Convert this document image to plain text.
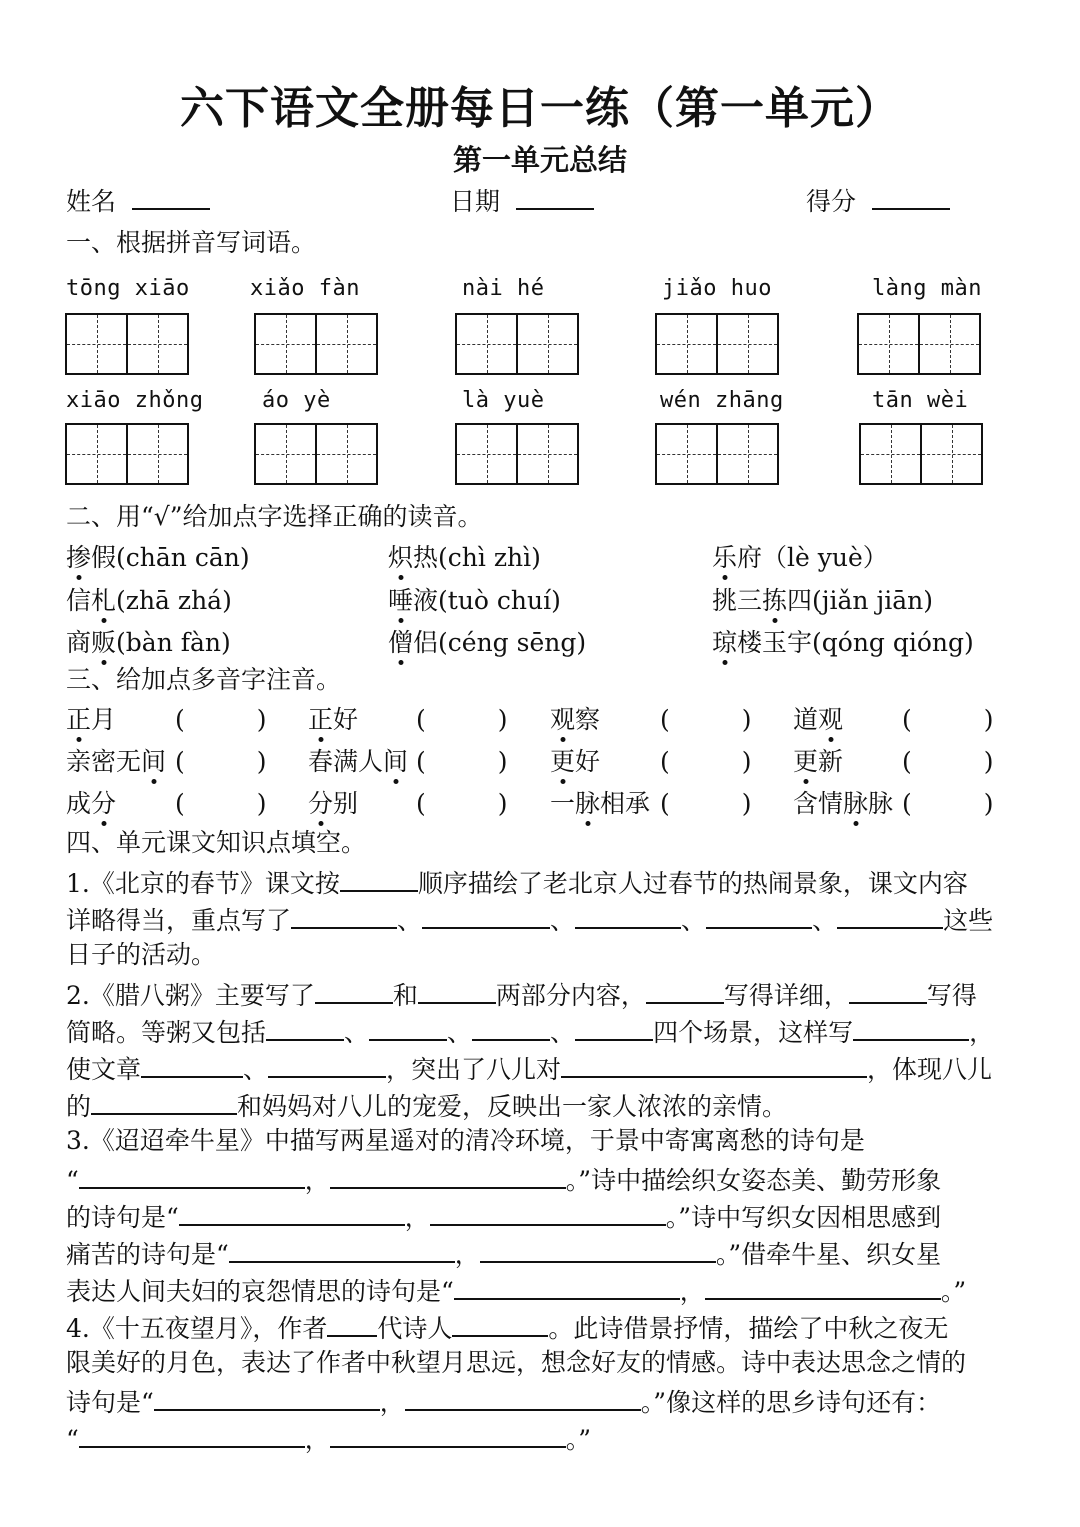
六下语文全册每日一练（第一单元）
第一单元总结
姓名	日期	得分
一、根据拼音写词语。
tōng xiāo	xiǎo fàn	nài hé	jiǎo huo	làng màn
xiāo zhǒng	áo yè	là yuè	wén zhāng	tān wèi
二、用“√”给加点字选择正确的读音。
掺假(chān cān)	炽热(chì zhì)	乐府（lè yuè）
信札(zhā zhá)	唾液(tuò chuí)	挑三拣四(jiǎn jiān)
商贩(bàn fàn)	僧侣(céng sēng)	琼楼玉宇(qóng qióng)
三、给加点多音字注音。
正月 (	) 正好 (	) 观察 (	) 道观 (	)
亲密无间 (	) 春满人间 (	) 更好 (	) 更新 (	)
成分 (	) 分别 (	) 一脉相承 (	) 含情脉脉 (	)
四、单元课文知识点填空。
1.《北京的春节》课文按	顺序描绘了老北京人过春节的热闹景象，课文内容
详略得当，重点写了	、	、	、	、	这些
日子的活动。
2.《腊八粥》主要写了	和	两部分内容，	写得详细，	写得
简略。等粥又包括	、	、	、	四个场景，这样写	，
使文章	、	，突出了八儿对	，体现八儿
的	和妈妈对八儿的宠爱，反映出一家人浓浓的亲情。
3.《迢迢牵牛星》中描写两星遥对的清冷环境，于景中寄寓离愁的诗句是
“	，	。”诗中描绘织女姿态美、勤劳形象
的诗句是“	，	。”诗中写织女因相思感到
痛苦的诗句是“	，	。”借牵牛星、织女星
表达人间夫妇的哀怨情思的诗句是“	，	。”
4.《十五夜望月》，作者 代诗人	。此诗借景抒情，描绘了中秋之夜无
限美好的月色，表达了作者中秋望月思远，想念好友的情感。诗中表达思念之情的
诗句是“	，	。”像这样的思乡诗句还有：
“	，	。”
